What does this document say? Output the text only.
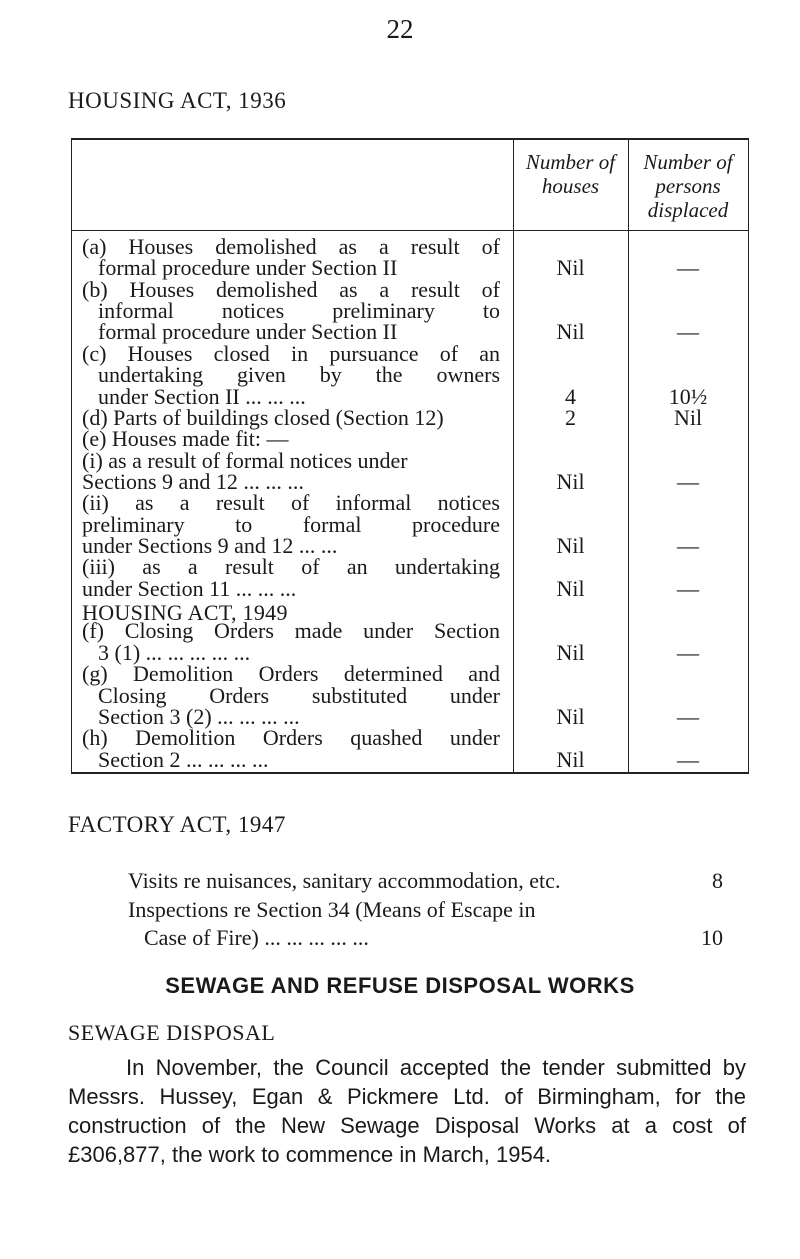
22
HOUSING ACT, 1936
Number of
houses
Number of
persons
displaced
(a) Houses demolished as a result of
formal procedure under Section II	Nil	—
(b) Houses demolished as a result of
informal notices preliminary to
formal procedure under Section II	Nil	—
(c) Houses closed in pursuance of an
undertaking given by the owners
under Section II ... ... ...	4	10½
(d) Parts of buildings closed (Section 12)	2	Nil
(e) Houses made fit: —
(i) as a result of formal notices under
Sections 9 and 12 ... ... ...	Nil	—
(ii) as a result of informal notices
preliminary to formal procedure
under Sections 9 and 12 ... ...	Nil	—
(iii) as a result of an undertaking
under Section 11 ... ... ...	Nil	—
HOUSING ACT, 1949
(f) Closing Orders made under Section
3 (1) ... ... ... ... ...	Nil	—
(g) Demolition Orders determined and
Closing Orders substituted under
Section 3 (2) ... ... ... ...	Nil	—
(h) Demolition Orders quashed under
Section 2 ... ... ... ...	Nil	—
FACTORY ACT, 1947
Visits re nuisances, sanitary accommodation, etc.	8
Inspections re Section 34 (Means of Escape in
Case of Fire) ... ... ... ... ...	10
SEWAGE AND REFUSE DISPOSAL WORKS
SEWAGE DISPOSAL
In November, the Council accepted the tender submitted by
Messrs. Hussey, Egan & Pickmere Ltd. of Birmingham, for the
construction of the New Sewage Disposal Works at a cost of
£306,877, the work to commence in March, 1954.
